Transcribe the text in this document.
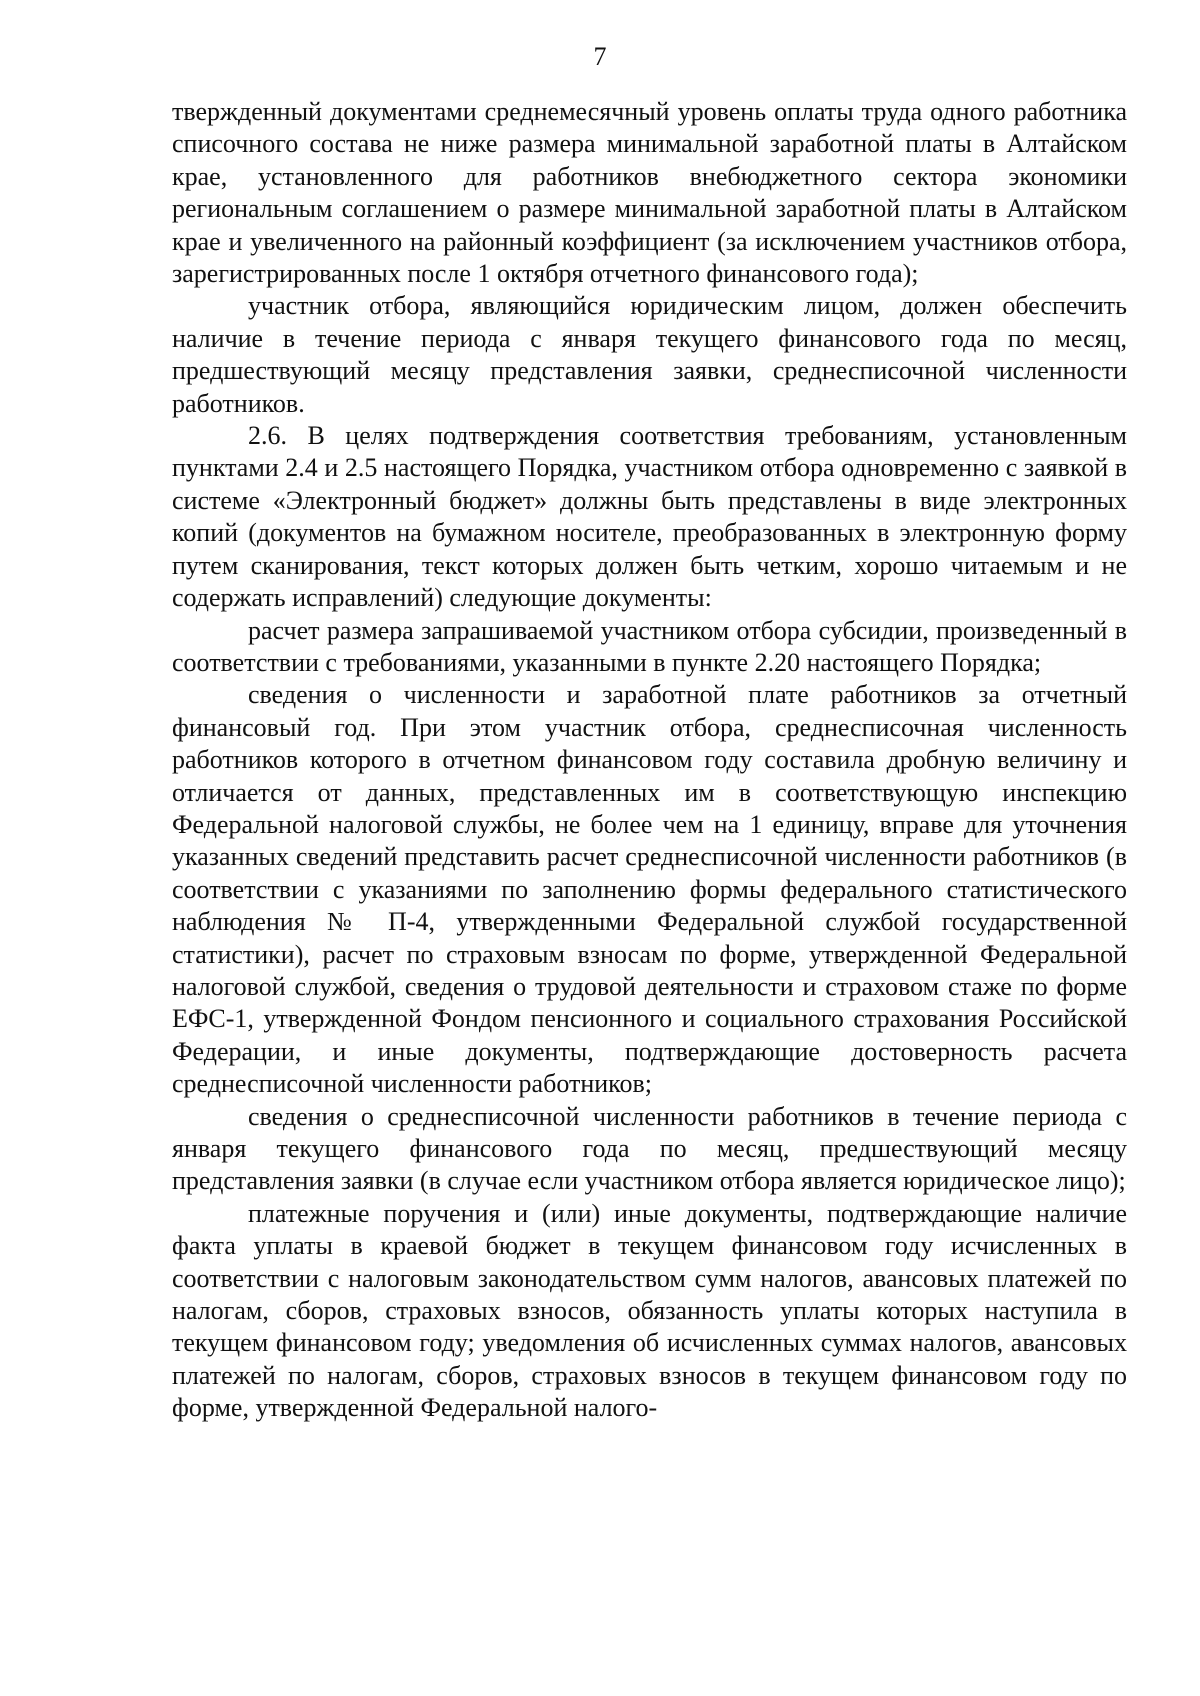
7

твержденный документами среднемесячный уровень оплаты труда одного работника списочного состава не ниже размера минимальной заработной платы в Алтайском крае, установленного для работников внебюджетного сектора экономики региональным соглашением о размере минимальной заработной платы в Алтайском крае и увеличенного на районный коэффициент (за исключением участников отбора, зарегистрированных после 1 октября отчетного финансового года);

участник отбора, являющийся юридическим лицом, должен обеспечить наличие в течение периода с января текущего финансового года по месяц, предшествующий месяцу представления заявки, среднесписочной численности работников.

2.6. В целях подтверждения соответствия требованиям, установленным пунктами 2.4 и 2.5 настоящего Порядка, участником отбора одновременно с заявкой в системе «Электронный бюджет» должны быть представлены в виде электронных копий (документов на бумажном носителе, преобразованных в электронную форму путем сканирования, текст которых должен быть четким, хорошо читаемым и не содержать исправлений) следующие документы:

расчет размера запрашиваемой участником отбора субсидии, произведенный в соответствии с требованиями, указанными в пункте 2.20 настоящего Порядка;

сведения о численности и заработной плате работников за отчетный финансовый год. При этом участник отбора, среднесписочная численность работников которого в отчетном финансовом году составила дробную величину и отличается от данных, представленных им в соответствующую инспекцию Федеральной налоговой службы, не более чем на 1 единицу, вправе для уточнения указанных сведений представить расчет среднесписочной численности работников (в соответствии с указаниями по заполнению формы федерального статистического наблюдения № П-4, утвержденными Федеральной службой государственной статистики), расчет по страховым взносам по форме, утвержденной Федеральной налоговой службой, сведения о трудовой деятельности и страховом стаже по форме ЕФС-1, утвержденной Фондом пенсионного и социального страхования Российской Федерации, и иные документы, подтверждающие достоверность расчета среднесписочной численности работников;

сведения о среднесписочной численности работников в течение периода с января текущего финансового года по месяц, предшествующий месяцу представления заявки (в случае если участником отбора является юридическое лицо);

платежные поручения и (или) иные документы, подтверждающие наличие факта уплаты в краевой бюджет в текущем финансовом году исчисленных в соответствии с налоговым законодательством сумм налогов, авансовых платежей по налогам, сборов, страховых взносов, обязанность уплаты которых наступила в текущем финансовом году; уведомления об исчисленных суммах налогов, авансовых платежей по налогам, сборов, страховых взносов в текущем финансовом году по форме, утвержденной Федеральной налого-
